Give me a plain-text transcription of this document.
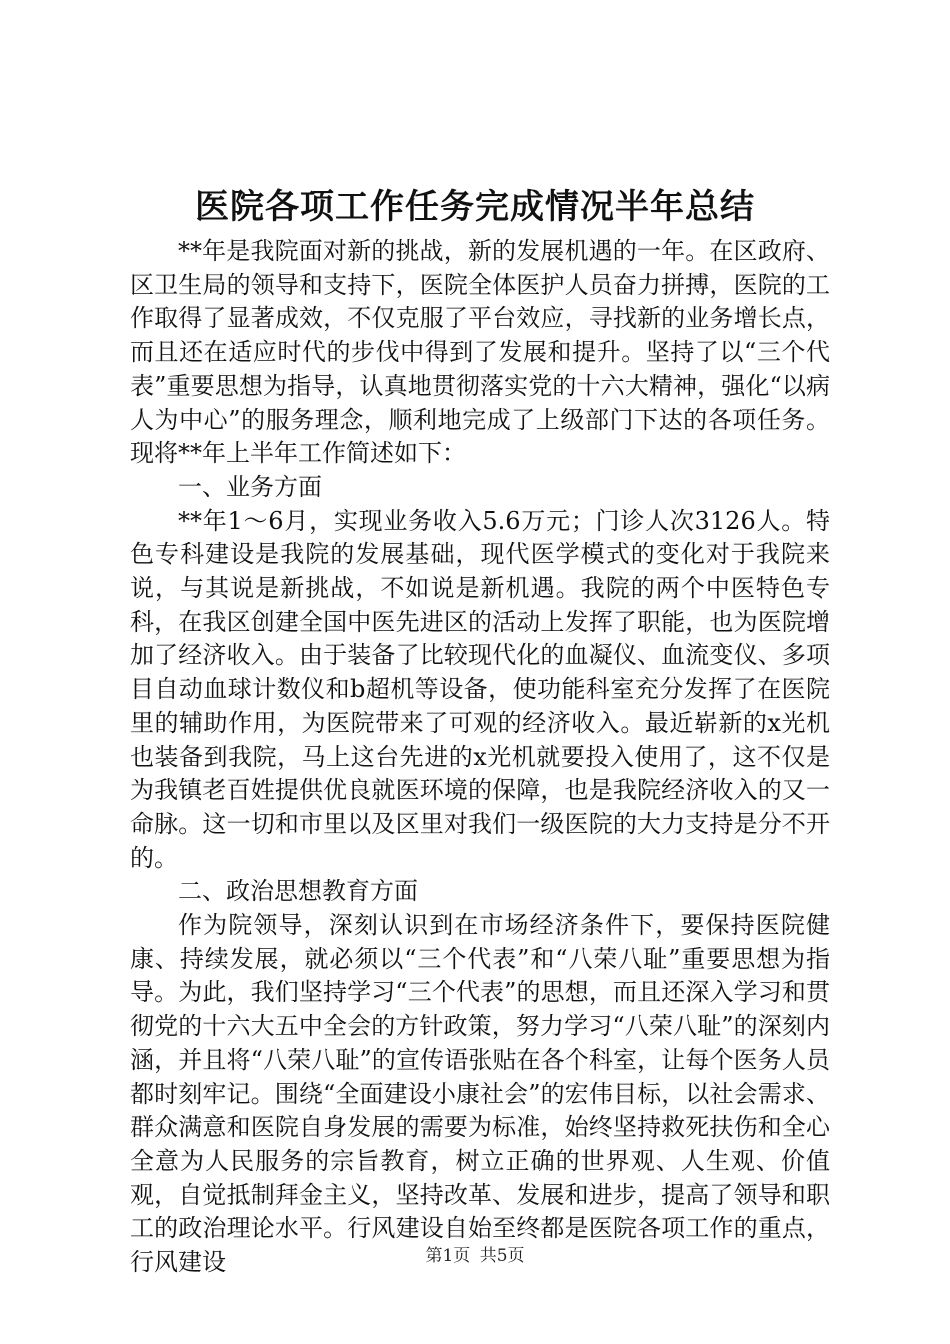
医院各项工作任务完成情况半年总结

**年是我院面对新的挑战，新的发展机遇的一年。在区政府、区卫生局的领导和支持下，医院全体医护人员奋力拼搏，医院的工作取得了显著成效，不仅克服了平台效应，寻找新的业务增长点，而且还在适应时代的步伐中得到了发展和提升。坚持了以“三个代表”重要思想为指导，认真地贯彻落实党的十六大精神，强化“以病人为中心”的服务理念，顺利地完成了上级部门下达的各项任务。现将**年上半年工作简述如下：

一、业务方面

**年1～6月，实现业务收入5.6万元；门诊人次3126人。特色专科建设是我院的发展基础，现代医学模式的变化对于我院来说，与其说是新挑战，不如说是新机遇。我院的两个中医特色专科，在我区创建全国中医先进区的活动上发挥了职能，也为医院增加了经济收入。由于装备了比较现代化的血凝仪、血流变仪、多项目自动血球计数仪和b超机等设备，使功能科室充分发挥了在医院里的辅助作用，为医院带来了可观的经济收入。最近崭新的x光机也装备到我院，马上这台先进的x光机就要投入使用了，这不仅是为我镇老百姓提供优良就医环境的保障，也是我院经济收入的又一命脉。这一切和市里以及区里对我们一级医院的大力支持是分不开的。

二、政治思想教育方面

作为院领导，深刻认识到在市场经济条件下，要保持医院健康、持续发展，就必须以“三个代表”和“八荣八耻”重要思想为指导。为此，我们坚持学习“三个代表”的思想，而且还深入学习和贯彻党的十六大五中全会的方针政策，努力学习“八荣八耻”的深刻内涵，并且将“八荣八耻”的宣传语张贴在各个科室，让每个医务人员都时刻牢记。围绕“全面建设小康社会”的宏伟目标，以社会需求、群众满意和医院自身发展的需要为标准，始终坚持救死扶伤和全心全意为人民服务的宗旨教育，树立正确的世界观、人生观、价值观，自觉抵制拜金主义，坚持改革、发展和进步，提高了领导和职工的政治理论水平。行风建设自始至终都是医院各项工作的重点，行风建设	第1页 共5页
